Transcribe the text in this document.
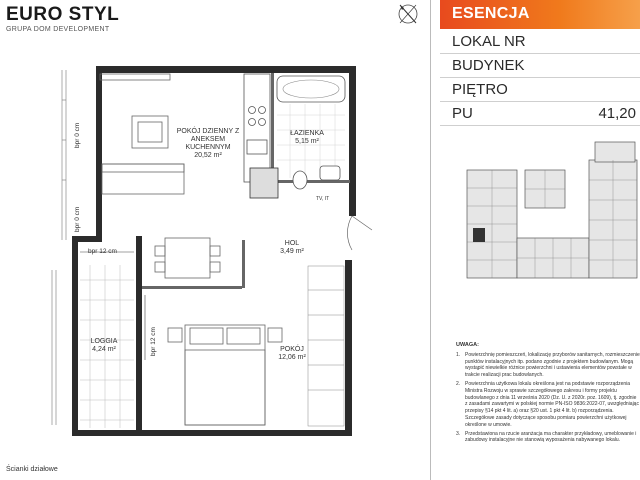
EURO STYL
GRUPA DOM DEVELOPMENT
ESENCJA
LOKAL NR
BUDYNEK
PIĘTRO
PU	41,20
UWAGA:
1. Powierzchnię pomieszczeń, lokalizację przyborów sanitarnych, rozmieszczenie punktów instalacyjnych itp. podano zgodnie z projektem budowlanym. Mogą wystąpić niewielkie różnice powierzchni i ustawienia elementów powstałe w trakcie realizacji prac budowlanych.
2. Powierzchnia użytkowa lokalu określona jest na podstawie rozporządzenia Ministra Rozwoju w sprawie szczegółowego zakresu i formy projektu budowlanego z dnia 11 września 2020 (Dz. U. z 2020r. poz. 1609), tj. zgodnie z zasadami zawartymi w polskiej normie PN-ISO 9836:2022-07, uwzględniając przepisy §14 pkt 4 lit. a) oraz §20 ust. 1 pkt 4 lit. b) rozporządzenia. Szczegółowe zasady dotyczące sposobu pomiaru powierzchni użytkowej określone w umowie.
3. Przedstawiona na rzucie aranżacja ma charakter przykładowy, umeblowanie i zabudowy instalacyjne nie stanowią wyposażenia nabywanego lokalu.
POKÓJ DZIENNY Z
ANEKSEM KUCHENNYM
20,52 m²
ŁAZIENKA
5,15 m²
HOL
3,49 m²
POKÓJ
12,06 m²
LOGGIA
4,24 m²
bpr 0 cm
bpr 0 cm
bpr 12 cm
bpr 12 cm
TV, IT
Ścianki działowe
